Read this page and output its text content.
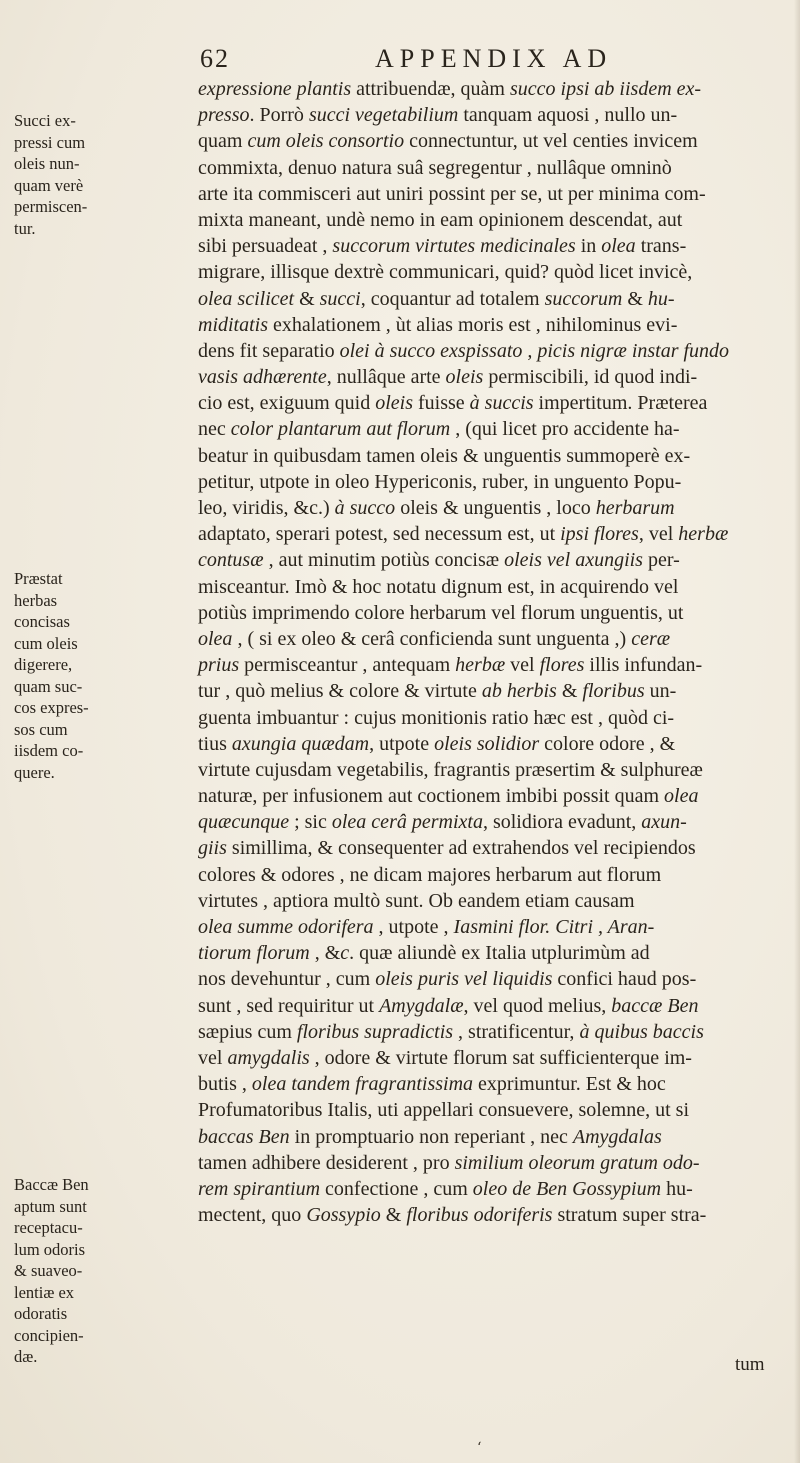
62	APPENDIX AD
Succi ex-
pressi cum
oleis nun-
quam verè
permiscen-
tur.
Præstat
herbas
concisas
cum oleis
digerere,
quam suc-
cos expres-
sos cum
iisdem co-
quere.
Baccæ Ben
aptum sunt
receptacu-
lum odoris
& suaveo-
lentiæ ex
odoratis
concipien-
dæ.
expressione plantis attribuendæ, quàm succo ipsi ab iisdem ex-
presso. Porrò succi vegetabilium tanquam aquosi , nullo un-
quam cum oleis consortio connectuntur, ut vel centies invicem
commixta, denuo natura suâ segregentur , nullâque omninò
arte ita commisceri aut uniri possint per se, ut per minima com-
mixta maneant, undè nemo in eam opinionem descendat, aut
sibi persuadeat , succorum virtutes medicinales in olea trans-
migrare, illisque dextrè communicari, quid? quòd licet invicè,
olea scilicet & succi, coquantur ad totalem succorum & hu-
miditatis exhalationem , ùt alias moris est , nihilominus evi-
dens fit separatio olei à succo exspissato , picis nigræ instar fundo
vasis adhærente, nullâque arte oleis permiscibili, id quod indi-
cio est, exiguum quid oleis fuisse à succis impertitum. Præterea
nec color plantarum aut florum , (qui licet pro accidente ha-
beatur in quibusdam tamen oleis & unguentis summoperè ex-
petitur, utpote in oleo Hypericonis, ruber, in unguento Popu-
leo, viridis, &c.) à succo oleis & unguentis , loco herbarum
adaptato, sperari potest, sed necessum est, ut ipsi flores, vel herbæ
contusæ , aut minutim potiùs concisæ oleis vel axungiis per-
misceantur. Imò & hoc notatu dignum est, in acquirendo vel
potiùs imprimendo colore herbarum vel florum unguentis, ut
olea , ( si ex oleo & cerâ conficienda sunt unguenta ,) ceræ
prius permisceantur , antequam herbæ vel flores illis infundan-
tur , quò melius & colore & virtute ab herbis & floribus un-
guenta imbuantur : cujus monitionis ratio hæc est , quòd ci-
tius axungia quædam, utpote oleis solidior colore odore , &
virtute cujusdam vegetabilis, fragrantis præsertim & sulphureæ
naturæ, per infusionem aut coctionem imbibi possit quam olea
quæcunque ; sic olea cerâ permixta, solidiora evadunt, axun-
giis simillima, & consequenter ad extrahendos vel recipiendos
colores & odores , ne dicam majores herbarum aut florum
virtutes , aptiora multò sunt. Ob eandem etiam causam
olea summe odorifera , utpote , Iasmini flor. Citri , Aran-
tiorum florum , &c. quæ aliundè ex Italia utplurimùm ad
nos devehuntur , cum oleis puris vel liquidis confici haud pos-
sunt , sed requiritur ut Amygdalæ, vel quod melius, baccæ Ben
sæpius cum floribus supradictis , stratificentur, à quibus baccis
vel amygdalis , odore & virtute florum sat sufficienterque im-
butis , olea tandem fragrantissima exprimuntur. Est & hoc
Profumatoribus Italis, uti appellari consuevere, solemne, ut si
baccas Ben in promptuario non reperiant , nec Amygdalas
tamen adhibere desiderent , pro similium oleorum gratum odo-
rem spirantium confectione , cum oleo de Ben Gossypium hu-
mectent, quo Gossypio & floribus odoriferis stratum super stra-
tum
ʻ
